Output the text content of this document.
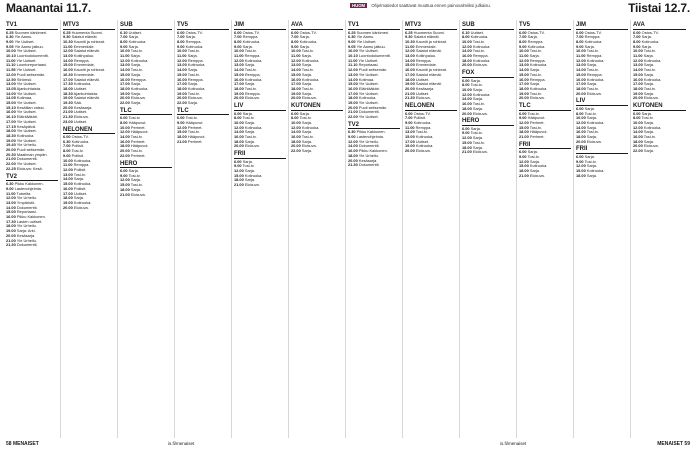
Maanantai 11.7.	HUOM Ohjelmatiedot saattavat muuttua ennen painovalmiiksi julkaisu.	Tiistai 12.7.
TV1
6.25 Suomen kärkimeri.
6.30 Yle Aamu.
9.00 Yle Uutiset.
9.05 Yle Aamu jatkuu.
10.00 Yle Uutiset.
10.10 Luontodokumentti.
11.00 Yle Uutiset.
11.10 Luontoreportaasi.
11.55 Yle Uutiset.
12.00 Puoli seitsemän.
12.50 Strömsö.
13.00 Yle Uutiset.
13.05 Ajankohtaista.
14.00 Yle Uutiset.
14.05 Kotimaa.
15.00 Yle Uutiset.
15.10 Kesäillan valssi.
16.00 Yle Uutiset.
16.10 Eläinlääkäri.
17.00 Yle Uutiset.
17.15 Kesäpäivä.
18.00 Yle Uutiset.
18.30 Kotiruoka.
19.00 Yle Uutiset.
19.40 Yle Urheilu.
20.00 Puoli seitsemän.
20.30 Maailman ympäri.
21.00 Dokumentti.
22.00 Yle Uutiset.
22.25 Elokuva: Kesä.
TV2
6.30 Pikku Kakkonen.
9.00 Lastenohjelmia.
11.00 Tubeilta.
12.00 Yle Urheilu.
13.00 Ympäristö.
14.00 Dokumentti.
15.00 Reportaasi.
16.00 Pikku Kakkonen.
17.30 Lasten uutiset.
18.00 Yle Urheilu.
19.00 Sarja: Arki.
20.00 Kesäsarja.
21.00 Yle Urheilu.
21.30 Dokumentti.
MTV3
6.25 Huomenta Suomi.
9.30 Salatut elämät.
10.30 Kauniit ja rohkeat.
11.00 Emmerdale.
12.00 Salatut elämät.
13.00 Kotiinpaluu.
14.00 Remppa.
15.00 Emmerdale.
16.00 Kauniit ja rohkeat.
16.30 Emmerdale.
17.00 Salatut elämät.
17.30 Kotiruoka.
18.00 Uutiset.
18.30 Ajankohtaista.
19.00 Salatut elämät.
19.30 Sää.
20.00 Kesäsarja.
21.00 Uutiset.
21.30 Elokuva.
23.00 Uutiset.
NELONEN
6.00 Ostos-TV.
6.30 Kotiruoka.
7.00 Poliisit.
8.00 Tosi-tv.
9.00 Poliisit.
10.00 Kotiruoka.
11.00 Remppa.
12.00 Poliisit.
13.00 Tosi-tv.
14.00 Sarja.
15.00 Kotiruoka.
16.00 Poliisit.
17.00 Uutiset.
18.00 Sarja.
19.00 Kotiruoka.
20.00 Elokuva.
SUB
6.10 Uutiset.
7.00 Sarja.
8.00 Kotiruoka.
9.00 Sarja.
10.00 Tosi-tv.
11.00 Sarja.
12.00 Kotiruoka.
13.00 Sarja.
14.00 Tosi-tv.
15.00 Sarja.
16.00 Remppa.
17.00 Sarja.
18.00 Kotiruoka.
19.00 Sarja.
20.00 Elokuva.
22.00 Sarja.
TLC
6.00 Tosi-tv.
8.00 Hääpuvut.
10.00 Perheet.
12.00 Hääpuvut.
14.00 Tosi-tv.
16.00 Perheet.
18.00 Hääpuvut.
20.00 Tosi-tv.
22.00 Perheet.
HERO
6.00 Sarja.
9.00 Tosi-tv.
12.00 Sarja.
15.00 Tosi-tv.
18.00 Sarja.
21.00 Elokuva.
TV5
6.00 Ostos-TV.
7.00 Sarja.
8.00 Remppa.
9.00 Kotiruoka.
10.00 Tosi-tv.
11.00 Sarja.
12.00 Remppa.
13.00 Kotiruoka.
14.00 Sarja.
15.00 Tosi-tv.
16.00 Remppa.
17.00 Sarja.
18.00 Kotiruoka.
19.00 Tosi-tv.
20.00 Elokuva.
22.00 Sarja.
TLC
6.00 Tosi-tv.
9.00 Hääpuvut.
12.00 Perheet.
15.00 Tosi-tv.
18.00 Hääpuvut.
21.00 Perheet.
JIM
6.00 Ostos-TV.
7.00 Remppa.
8.00 Kotiruoka.
9.00 Sarja.
10.00 Tosi-tv.
11.00 Remppa.
12.00 Kotiruoka.
13.00 Sarja.
14.00 Tosi-tv.
15.00 Remppa.
16.00 Kotiruoka.
17.00 Sarja.
18.00 Tosi-tv.
19.00 Remppa.
20.00 Elokuva.
LIV
6.00 Sarja.
8.00 Tosi-tv.
10.00 Sarja.
12.00 Kotiruoka.
14.00 Sarja.
16.00 Tosi-tv.
18.00 Sarja.
20.00 Elokuva.
FRII
6.00 Sarja.
9.00 Tosi-tv.
12.00 Sarja.
15.00 Kotiruoka.
18.00 Sarja.
21.00 Elokuva.
AVA
6.00 Ostos-TV.
7.00 Sarja.
8.00 Kotiruoka.
9.00 Sarja.
10.00 Tosi-tv.
11.00 Sarja.
12.00 Kotiruoka.
13.00 Sarja.
14.00 Tosi-tv.
15.00 Sarja.
16.00 Kotiruoka.
17.00 Sarja.
18.00 Tosi-tv.
19.00 Sarja.
20.00 Elokuva.
KUTONEN
6.00 Sarja.
8.00 Tosi-tv.
10.00 Sarja.
12.00 Kotiruoka.
14.00 Sarja.
16.00 Tosi-tv.
18.00 Sarja.
20.00 Elokuva.
22.00 Sarja.
TV1
6.25 Suomen kärkimeri.
6.30 Yle Aamu.
9.00 Yle Uutiset.
9.05 Yle Aamu jatkuu.
10.00 Yle Uutiset.
10.10 Luontodokumentti.
11.00 Yle Uutiset.
11.10 Reportaasi.
12.00 Puoli seitsemän.
13.00 Yle Uutiset.
14.00 Kotimaa.
15.00 Yle Uutiset.
16.00 Eläinlääkäri.
17.00 Yle Uutiset.
18.00 Kotiruoka.
19.00 Yle Uutiset.
20.00 Puoli seitsemän.
21.00 Dokumentti.
22.00 Yle Uutiset.
TV2
6.30 Pikku Kakkonen.
9.00 Lastenohjelmia.
12.00 Yle Urheilu.
14.00 Dokumentti.
16.00 Pikku Kakkonen.
18.00 Yle Urheilu.
20.00 Kesäsarja.
21.30 Dokumentti.
MTV3
6.25 Huomenta Suomi.
9.30 Salatut elämät.
10.30 Kauniit ja rohkeat.
11.00 Emmerdale.
12.00 Salatut elämät.
13.00 Kotiinpaluu.
14.00 Remppa.
15.00 Emmerdale.
16.00 Kauniit ja rohkeat.
17.00 Salatut elämät.
18.00 Uutiset.
19.00 Salatut elämät.
20.00 Kesäsarja.
21.00 Uutiset.
21.30 Elokuva.
NELONEN
6.00 Ostos-TV.
7.00 Poliisit.
9.00 Kotiruoka.
11.00 Remppa.
13.00 Tosi-tv.
15.00 Kotiruoka.
17.00 Uutiset.
19.00 Kotiruoka.
20.00 Elokuva.
SUB
6.10 Uutiset.
8.00 Kotiruoka.
10.00 Tosi-tv.
12.00 Kotiruoka.
14.00 Tosi-tv.
16.00 Remppa.
18.00 Kotiruoka.
20.00 Elokuva.
FOX
6.00 Sarja.
8.00 Tosi-tv.
10.00 Sarja.
12.00 Kotiruoka.
14.00 Sarja.
16.00 Tosi-tv.
18.00 Sarja.
20.00 Elokuva.
HERO
6.00 Sarja.
9.00 Tosi-tv.
12.00 Sarja.
15.00 Tosi-tv.
18.00 Sarja.
21.00 Elokuva.
TV5
6.00 Ostos-TV.
7.00 Sarja.
8.00 Remppa.
9.00 Kotiruoka.
10.00 Tosi-tv.
11.00 Sarja.
12.00 Remppa.
13.00 Kotiruoka.
14.00 Sarja.
15.00 Tosi-tv.
16.00 Remppa.
17.00 Sarja.
18.00 Kotiruoka.
19.00 Tosi-tv.
20.00 Elokuva.
TLC
6.00 Tosi-tv.
9.00 Hääpuvut.
12.00 Perheet.
15.00 Tosi-tv.
18.00 Hääpuvut.
21.00 Perheet.
FRII
6.00 Sarja.
9.00 Tosi-tv.
12.00 Sarja.
15.00 Kotiruoka.
18.00 Sarja.
21.00 Elokuva.
JIM
6.00 Ostos-TV.
7.00 Remppa.
8.00 Kotiruoka.
9.00 Sarja.
10.00 Tosi-tv.
11.00 Remppa.
12.00 Kotiruoka.
13.00 Sarja.
14.00 Tosi-tv.
15.00 Remppa.
16.00 Kotiruoka.
17.00 Sarja.
18.00 Tosi-tv.
20.00 Elokuva.
LIV
6.00 Sarja.
8.00 Tosi-tv.
10.00 Sarja.
12.00 Kotiruoka.
14.00 Sarja.
16.00 Tosi-tv.
18.00 Sarja.
20.00 Elokuva.
FRII
6.00 Sarja.
9.00 Tosi-tv.
12.00 Sarja.
15.00 Kotiruoka.
18.00 Sarja.
AVA
6.00 Ostos-TV.
7.00 Sarja.
8.00 Kotiruoka.
9.00 Sarja.
10.00 Tosi-tv.
11.00 Sarja.
12.00 Kotiruoka.
13.00 Sarja.
14.00 Tosi-tv.
15.00 Sarja.
16.00 Kotiruoka.
17.00 Sarja.
18.00 Tosi-tv.
19.00 Sarja.
20.00 Elokuva.
KUTONEN
6.00 Sarja.
8.00 Tosi-tv.
10.00 Sarja.
12.00 Kotiruoka.
14.00 Sarja.
16.00 Tosi-tv.
18.00 Sarja.
20.00 Elokuva.
22.00 Sarja.
58 MENAISET	is.fi/menaiset	is.fi/menaiset	MENAISET 59
